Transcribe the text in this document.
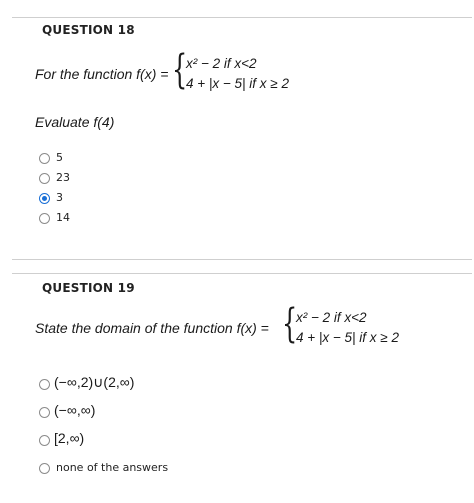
QUESTION 18
For the function f(x) = {
x² − 2 if x<2
4 + |x − 5| if x ≥ 2
Evaluate f(4)
5
23
3
14
QUESTION 19
State the domain of the function f(x) = {
x² − 2 if x<2
4 + |x − 5| if x ≥ 2
(−∞,2)∪(2,∞)
(−∞,∞)
[2,∞)
none of the answers
